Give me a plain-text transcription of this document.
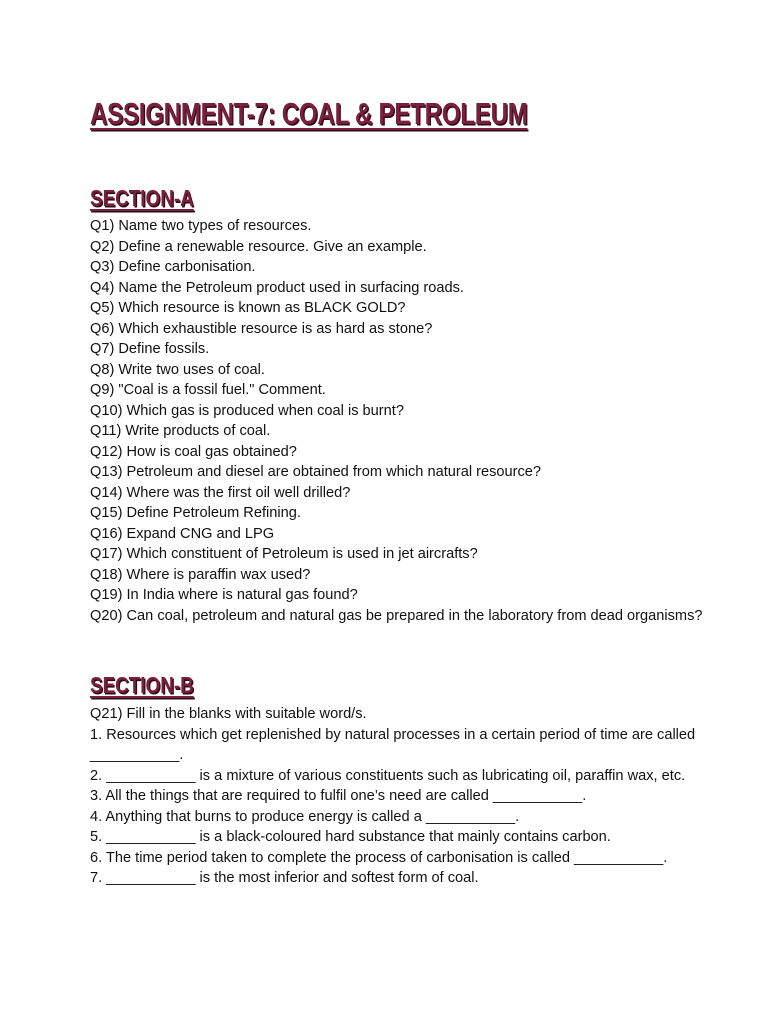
ASSIGNMENT-7: COAL & PETROLEUM
SECTION-A
Q1) Name two types of resources.
Q2) Define a renewable resource. Give an example.
Q3) Define carbonisation.
Q4) Name the Petroleum product used in surfacing roads.
Q5) Which resource is known as BLACK GOLD?
Q6) Which exhaustible resource is as hard as stone?
Q7) Define fossils.
Q8) Write two uses of coal.
Q9) "Coal is a fossil fuel." Comment.
Q10) Which gas is produced when coal is burnt?
Q11) Write products of coal.
Q12) How is coal gas obtained?
Q13) Petroleum and diesel are obtained from which natural resource?
Q14) Where was the first oil well drilled?
Q15) Define Petroleum Refining.
Q16) Expand CNG and LPG
Q17) Which constituent of Petroleum is used in jet aircrafts?
Q18) Where is paraffin wax used?
Q19) In India where is natural gas found?
Q20) Can coal, petroleum and natural gas be prepared in the laboratory from dead organisms?
SECTION-B
Q21) Fill in the blanks with suitable word/s.
1. Resources which get replenished by natural processes in a certain period of time are called ___________.
2. ___________ is a mixture of various constituents such as lubricating oil, paraffin wax, etc.
3. All the things that are required to fulfil one’s need are called ___________.
4. Anything that burns to produce energy is called a ___________.
5. ___________ is a black-coloured hard substance that mainly contains carbon.
6. The time period taken to complete the process of carbonisation is called ___________.
7. ___________ is the most inferior and softest form of coal.
